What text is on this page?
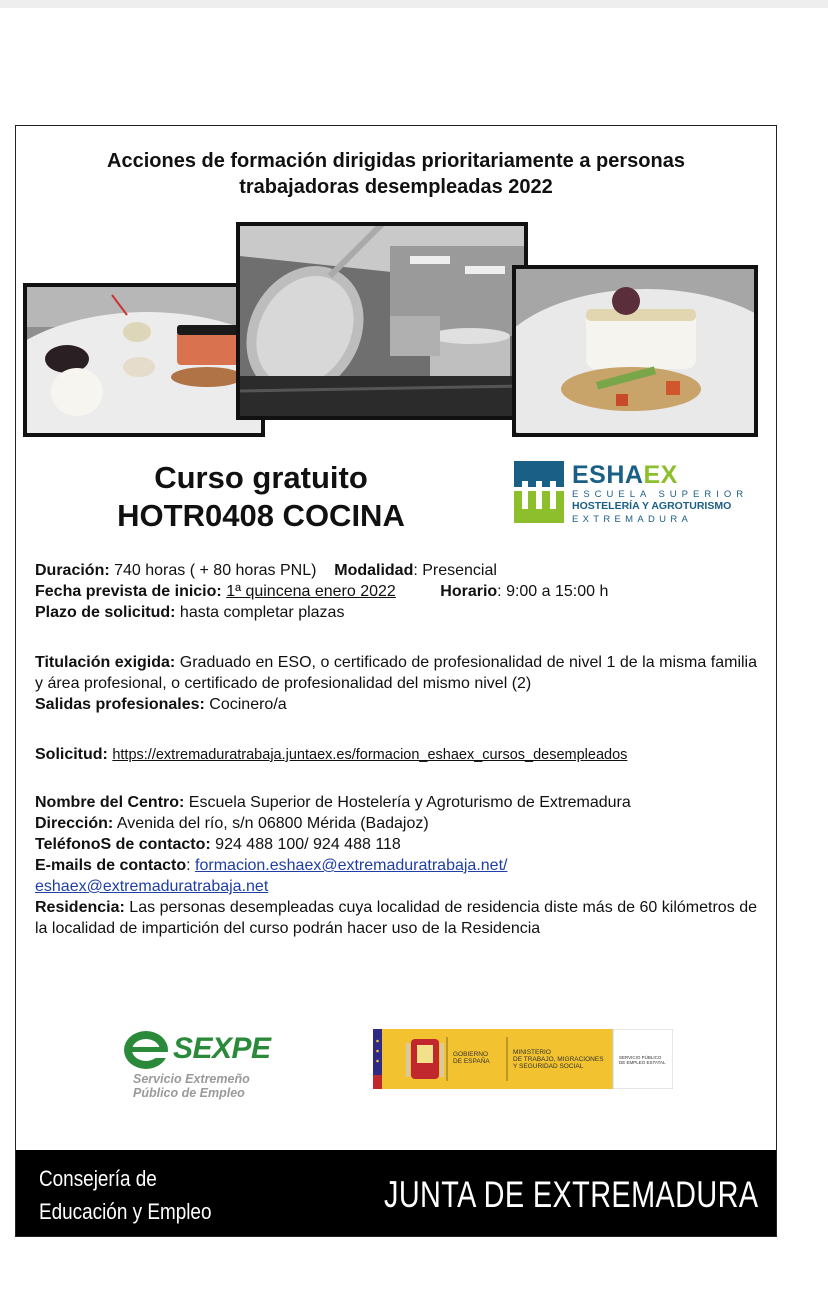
Acciones de formación dirigidas prioritariamente a personas
trabajadoras desempleadas 2022
Curso gratuito
HOTR0408 COCINA
ESHAEX
ESCUELA SUPERIOR
HOSTELERÍA Y AGROTURISMO
EXTREMADURA
Duración: 740 horas ( + 80 horas PNL) Modalidad: Presencial
Fecha prevista de inicio: 1ª quincena enero 2022	Horario: 9:00 a 15:00 h
Plazo de solicitud: hasta completar plazas
Titulación exigida: Graduado en ESO, o certificado de profesionalidad de nivel 1 de la misma familia y área profesional, o certificado de profesionalidad del mismo nivel (2)
Salidas profesionales: Cocinero/a
Solicitud: https://extremaduratrabaja.juntaex.es/formacion_eshaex_cursos_desempleados
Nombre del Centro: Escuela Superior de Hostelería y Agroturismo de Extremadura
Dirección: Avenida del río, s/n 06800 Mérida (Badajoz)
TeléfonoS de contacto: 924 488 100/ 924 488 118
E-mails de contacto: formacion.eshaex@extremaduratrabaja.net/
eshaex@extremaduratrabaja.net
Residencia: Las personas desempleadas cuya localidad de residencia diste más de 60 kilómetros de la localidad de impartición del curso podrán hacer uso de la Residencia
SEXPE
Servicio Extremeño
Público de Empleo
GOBIERNO
DE ESPAÑA
MINISTERIO
DE TRABAJO, MIGRACIONES
Y SEGURIDAD SOCIAL
SERVICIO PÚBLICO
DE EMPLEO ESTATAL
Consejería de
Educación y Empleo	JUNTA DE EXTREMADURA
